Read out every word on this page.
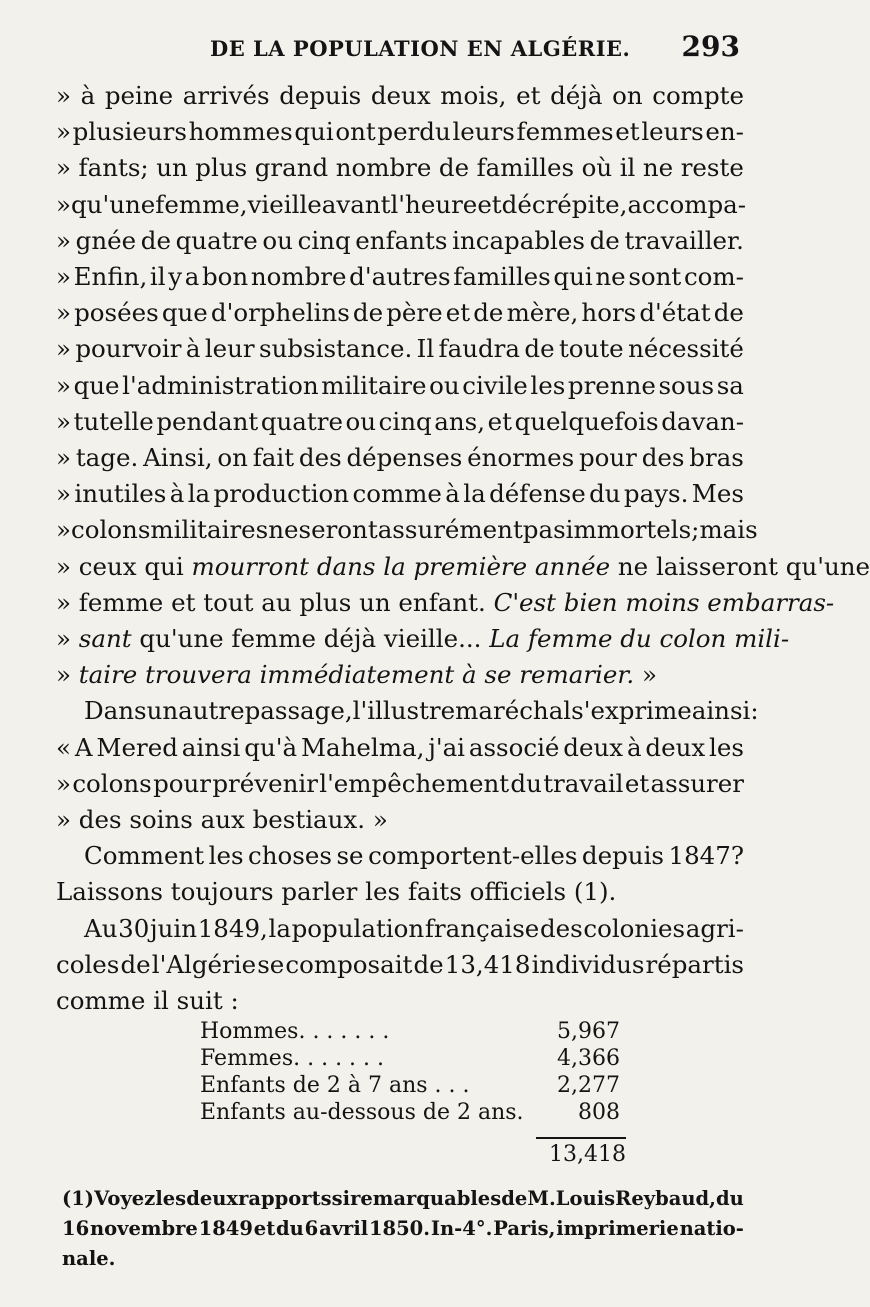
DE LA POPULATION EN ALGÉRIE. 293
» à peine arrivés depuis deux mois, et déjà on compte
» plusieurs hommes qui ont perdu leurs femmes et leurs en-
» fants; un plus grand nombre de familles où il ne reste
» qu'une femme, vieille avant l'heure et décrépite, accompa-
» gnée de quatre ou cinq enfants incapables de travailler.
» Enfin, il y a bon nombre d'autres familles qui ne sont com-
» posées que d'orphelins de père et de mère, hors d'état de
» pourvoir à leur subsistance. Il faudra de toute nécessité
» que l'administration militaire ou civile les prenne sous sa
» tutelle pendant quatre ou cinq ans, et quelquefois davan-
» tage. Ainsi, on fait des dépenses énormes pour des bras
» inutiles à la production comme à la défense du pays. Mes
» colons militaires ne seront assurément pas immortels; mais
» ceux qui mourront dans la première année ne laisseront qu'une
» femme et tout au plus un enfant. C'est bien moins embarras-
» sant qu'une femme déjà vieille... La femme du colon mili-
» taire trouvera immédiatement à se remarier. »
Dans un autre passage, l'illustre maréchal s'exprime ainsi :
« A Mered ainsi qu'à Mahelma, j'ai associé deux à deux les
» colons pour prévenir l'empêchement du travail et assurer
» des soins aux bestiaux. »
Comment les choses se comportent-elles depuis 1847?
Laissons toujours parler les faits officiels (1).
Au 30 juin 1849, la population française des colonies agri-
coles de l'Algérie se composait de 13,418 individus répartis
comme il suit :
Hommes. . . . . . .	5,967
Femmes. . . . . . .	4,366
Enfants de 2 à 7 ans . . .	2,277
Enfants au-dessous de 2 ans.	808
13,418
(1) Voyez les deux rapports si remarquables de M. Louis Reybaud, du
16 novembre 1849 et du 6 avril 1850. In-4°. Paris, imprimerie natio-
nale.
